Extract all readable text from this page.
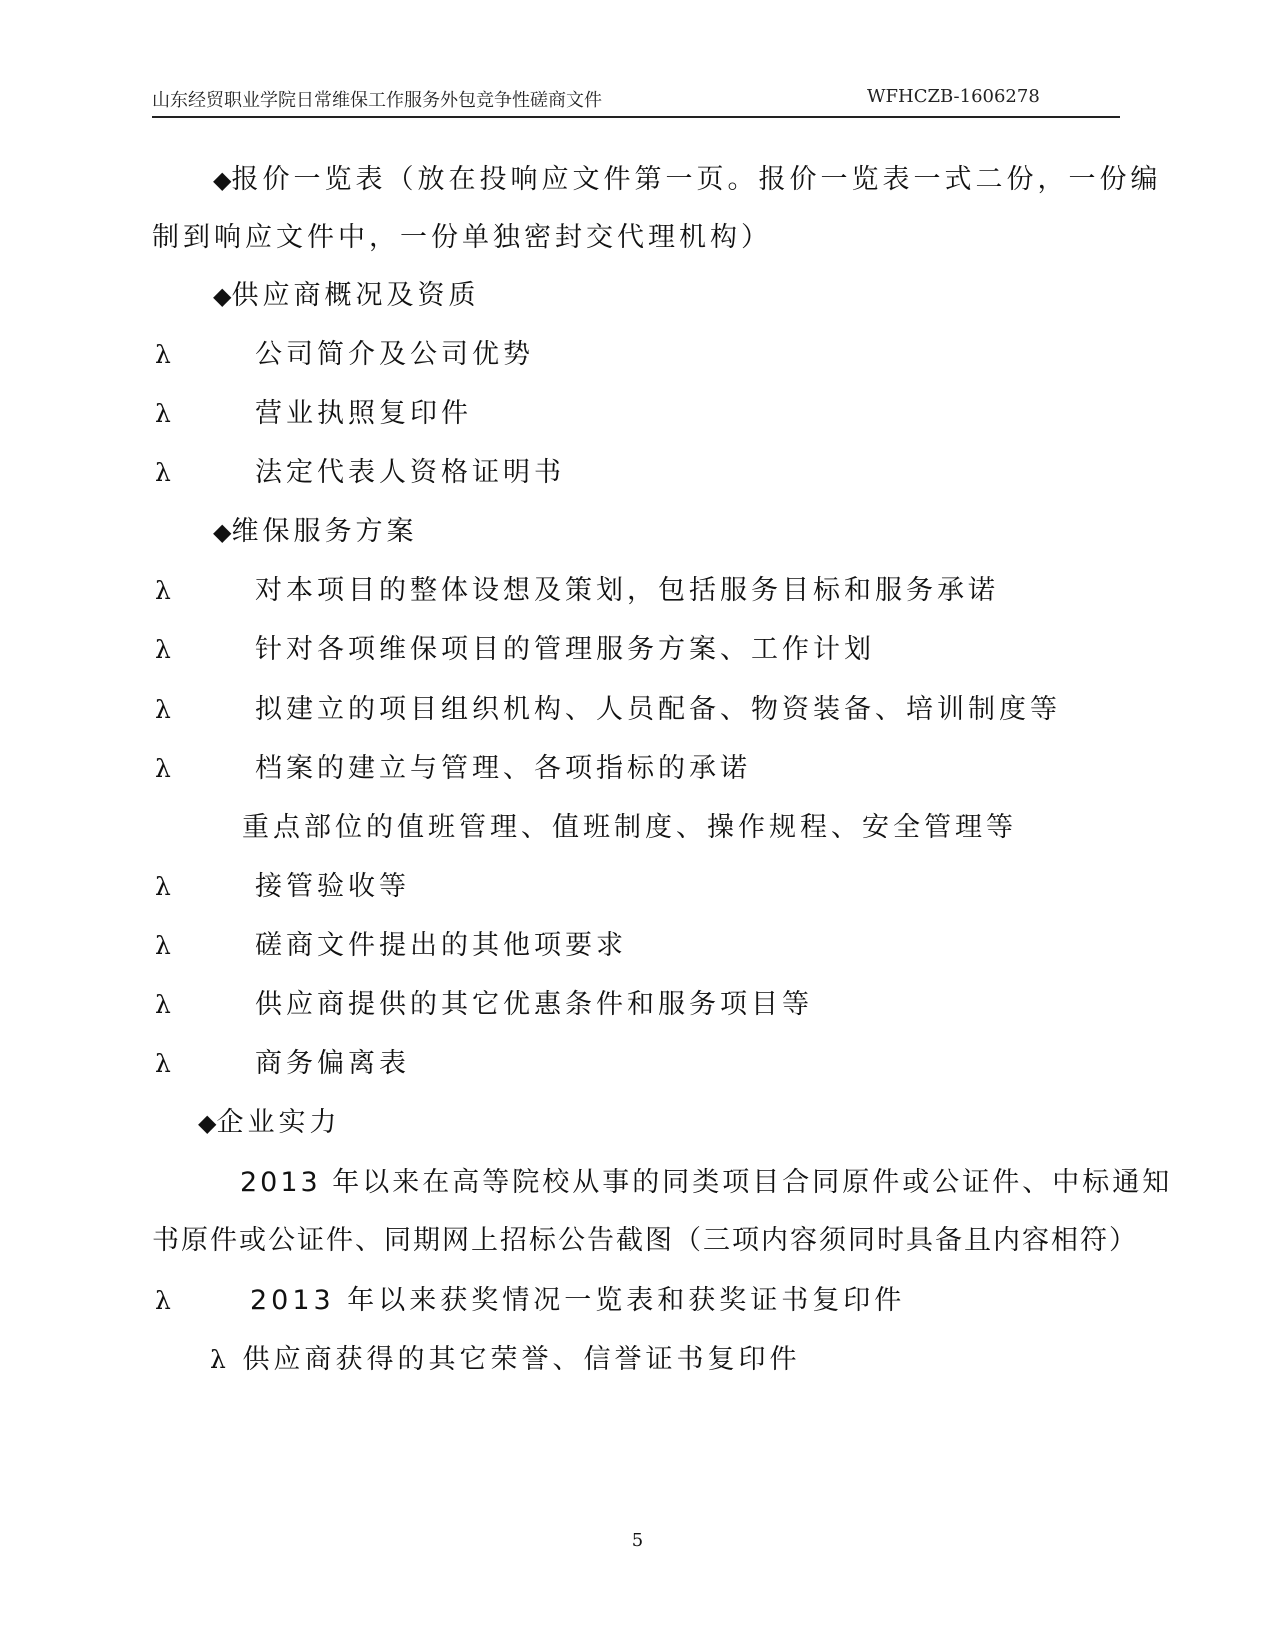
山东经贸职业学院日常维保工作服务外包竞争性磋商文件	WFHCZB-1606278
◆报价一览表（放在投响应文件第一页。报价一览表一式二份，一份编
制到响应文件中，一份单独密封交代理机构）
◆供应商概况及资质
λ	公司简介及公司优势
λ	营业执照复印件
λ	法定代表人资格证明书
◆维保服务方案
λ	对本项目的整体设想及策划，包括服务目标和服务承诺
λ	针对各项维保项目的管理服务方案、工作计划
λ	拟建立的项目组织机构、人员配备、物资装备、培训制度等
λ	档案的建立与管理、各项指标的承诺
重点部位的值班管理、值班制度、操作规程、安全管理等
λ	接管验收等
λ	磋商文件提出的其他项要求
λ	供应商提供的其它优惠条件和服务项目等
λ	商务偏离表
◆企业实力
2013 年以来在高等院校从事的同类项目合同原件或公证件、中标通知
书原件或公证件、同期网上招标公告截图（三项内容须同时具备且内容相符）
λ	2013 年以来获奖情况一览表和获奖证书复印件
λ 供应商获得的其它荣誉、信誉证书复印件
5
